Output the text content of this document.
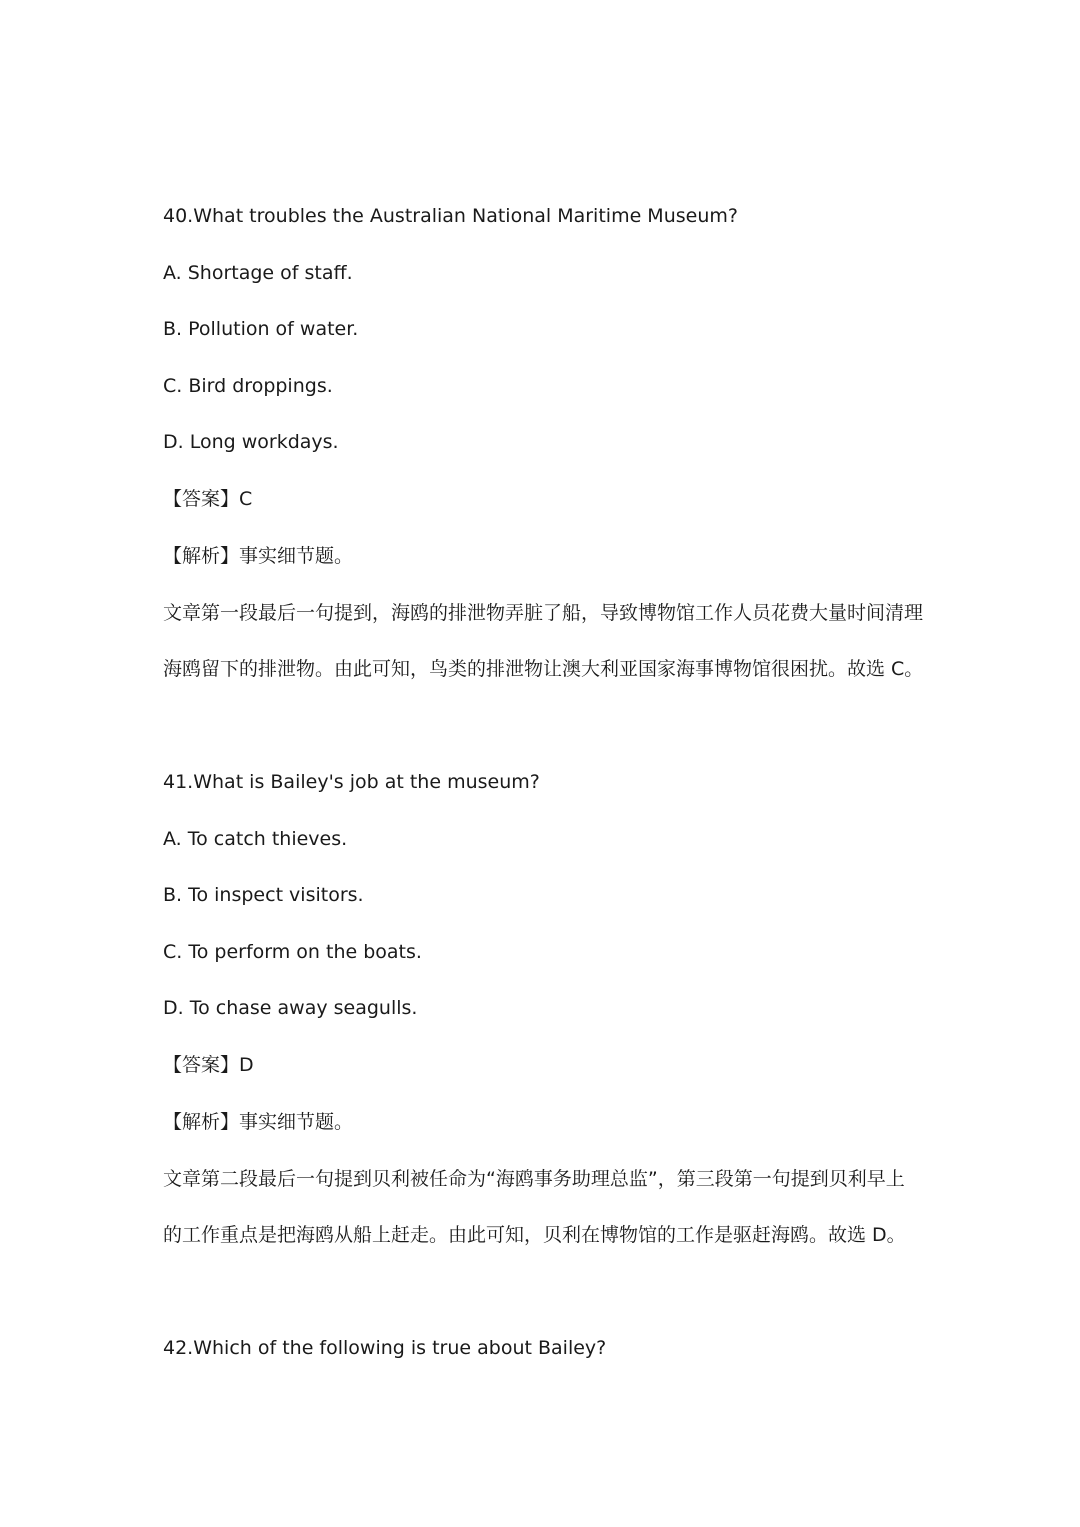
40.What troubles the Australian National Maritime Museum?
A. Shortage of staff.
B. Pollution of water.
C. Bird droppings.
D. Long workdays.
【答案】C
【解析】事实细节题。
文章第一段最后一句提到，海鸥的排泄物弄脏了船，导致博物馆工作人员花费大量时间清理
海鸥留下的排泄物。由此可知，鸟类的排泄物让澳大利亚国家海事博物馆很困扰。故选 C。
41.What is Bailey's job at the museum?
A. To catch thieves.
B. To inspect visitors.
C. To perform on the boats.
D. To chase away seagulls.
【答案】D
【解析】事实细节题。
文章第二段最后一句提到贝利被任命为“海鸥事务助理总监”，第三段第一句提到贝利早上
的工作重点是把海鸥从船上赶走。由此可知，贝利在博物馆的工作是驱赶海鸥。故选 D。
42.Which of the following is true about Bailey?
